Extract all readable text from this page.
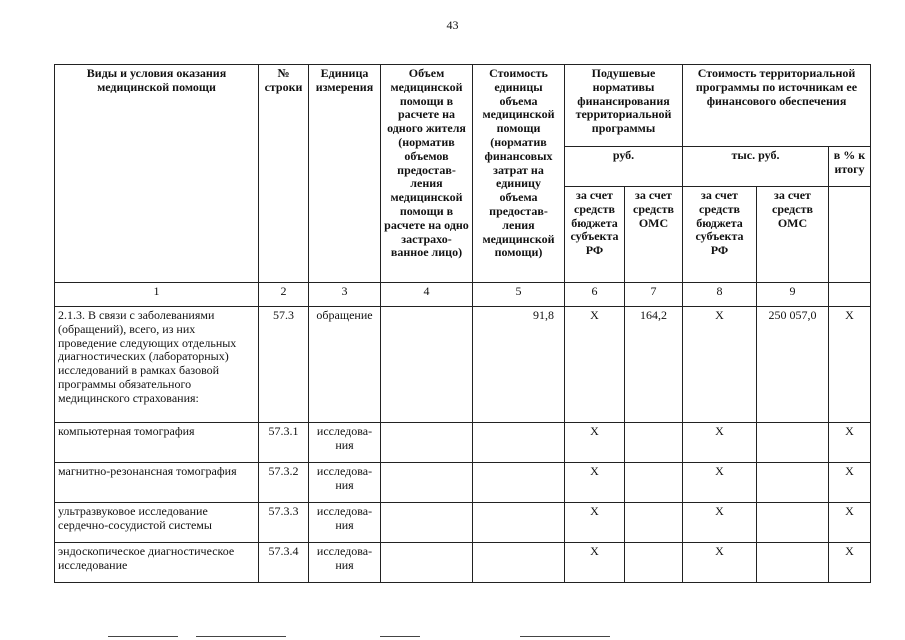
43
Виды и условия оказания медицинской помощи	№ строки	Единица измерения	Объем медицинской помощи в расчете на одного жителя (норматив объемов предостав-ления медицинской помощи в расчете на одно застрахо-ванное лицо)	Стоимость единицы объема медицинской помощи (норматив финансовых затрат на единицу объема предостав-ления медицинской помощи)	Подушевые нормативы финансирования территориальной программы		Стоимость территориальной программы по источникам ее финансового обеспечения		
					руб.		тыс. руб.		в % к итогу
					за счет средств бюджета субъекта РФ	за счет средств ОМС	за счет средств бюджета субъекта РФ	за счет средств ОМС	
1	2	3	4	5	6	7	8	9	
2.1.3. В связи с заболеваниями (обращений), всего, из них проведение следующих отдельных диагностических (лабораторных) исследований в рамках базовой программы обязательного медицинского страхования:	57.3	обращение		91,8	X	164,2	X	250 057,0	X
компьютерная томография	57.3.1	исследова-ния			X		X		X
магнитно-резонансная томография	57.3.2	исследова-ния			X		X		X
ультразвуковое исследование сердечно-сосудистой системы	57.3.3	исследова-ния			X		X		X
эндоскопическое диагностическое исследование	57.3.4	исследова-ния			X		X		X
